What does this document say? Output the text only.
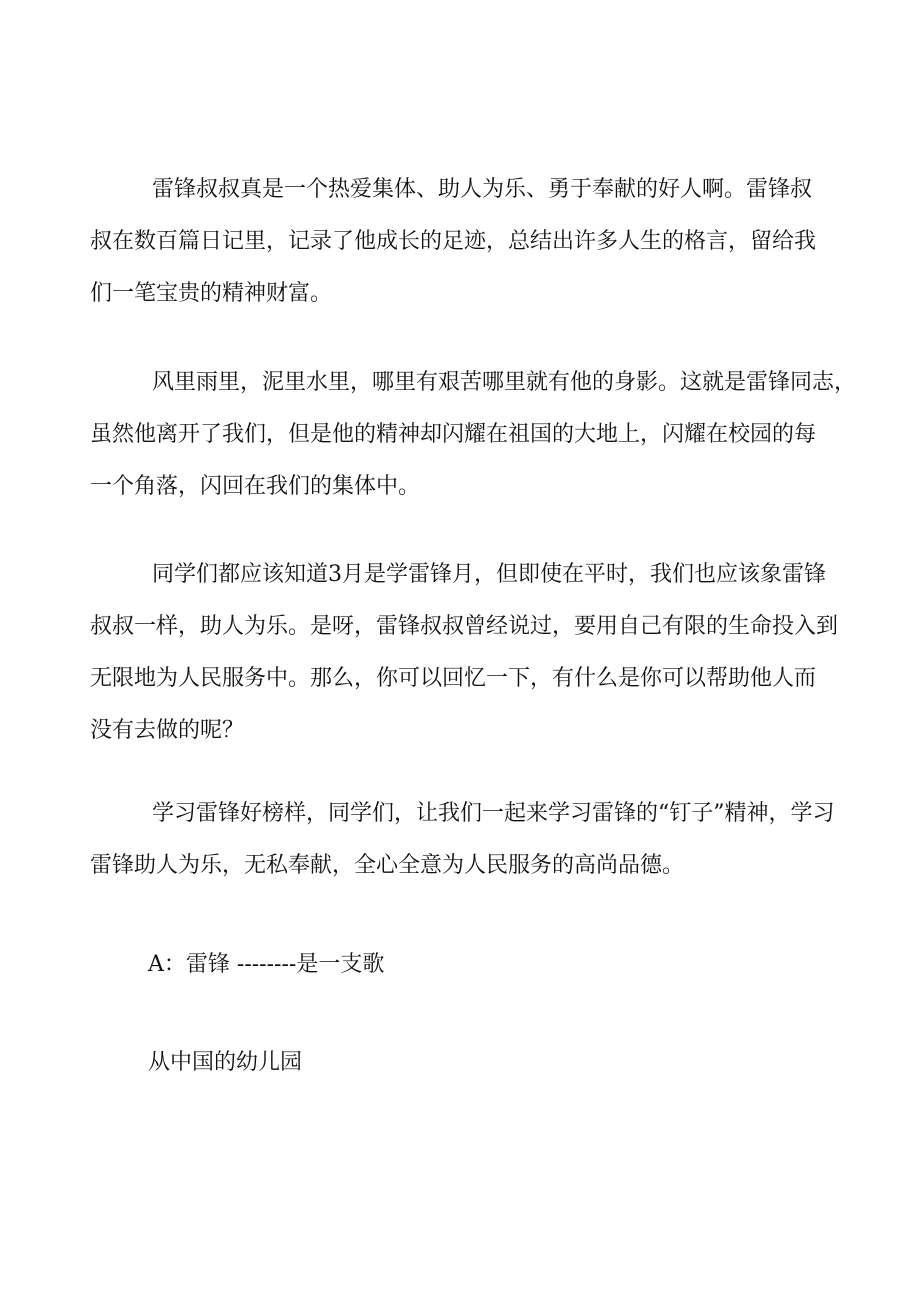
雷锋叔叔真是一个热爱集体、助人为乐、勇于奉献的好人啊。雷锋叔
叔在数百篇日记里，记录了他成长的足迹，总结出许多人生的格言，留给我
们一笔宝贵的精神财富。
风里雨里，泥里水里，哪里有艰苦哪里就有他的身影。这就是雷锋同志，
虽然他离开了我们，但是他的精神却闪耀在祖国的大地上，闪耀在校园的每
一个角落，闪回在我们的集体中。
同学们都应该知道3月是学雷锋月，但即使在平时，我们也应该象雷锋
叔叔一样，助人为乐。是呀，雷锋叔叔曾经说过，要用自己有限的生命投入到
无限地为人民服务中。那么，你可以回忆一下，有什么是你可以帮助他人而
没有去做的呢？
学习雷锋好榜样，同学们，让我们一起来学习雷锋的“钉子”精神，学习
雷锋助人为乐，无私奉献，全心全意为人民服务的高尚品德。

A：雷锋 --------是一支歌

从中国的幼儿园
